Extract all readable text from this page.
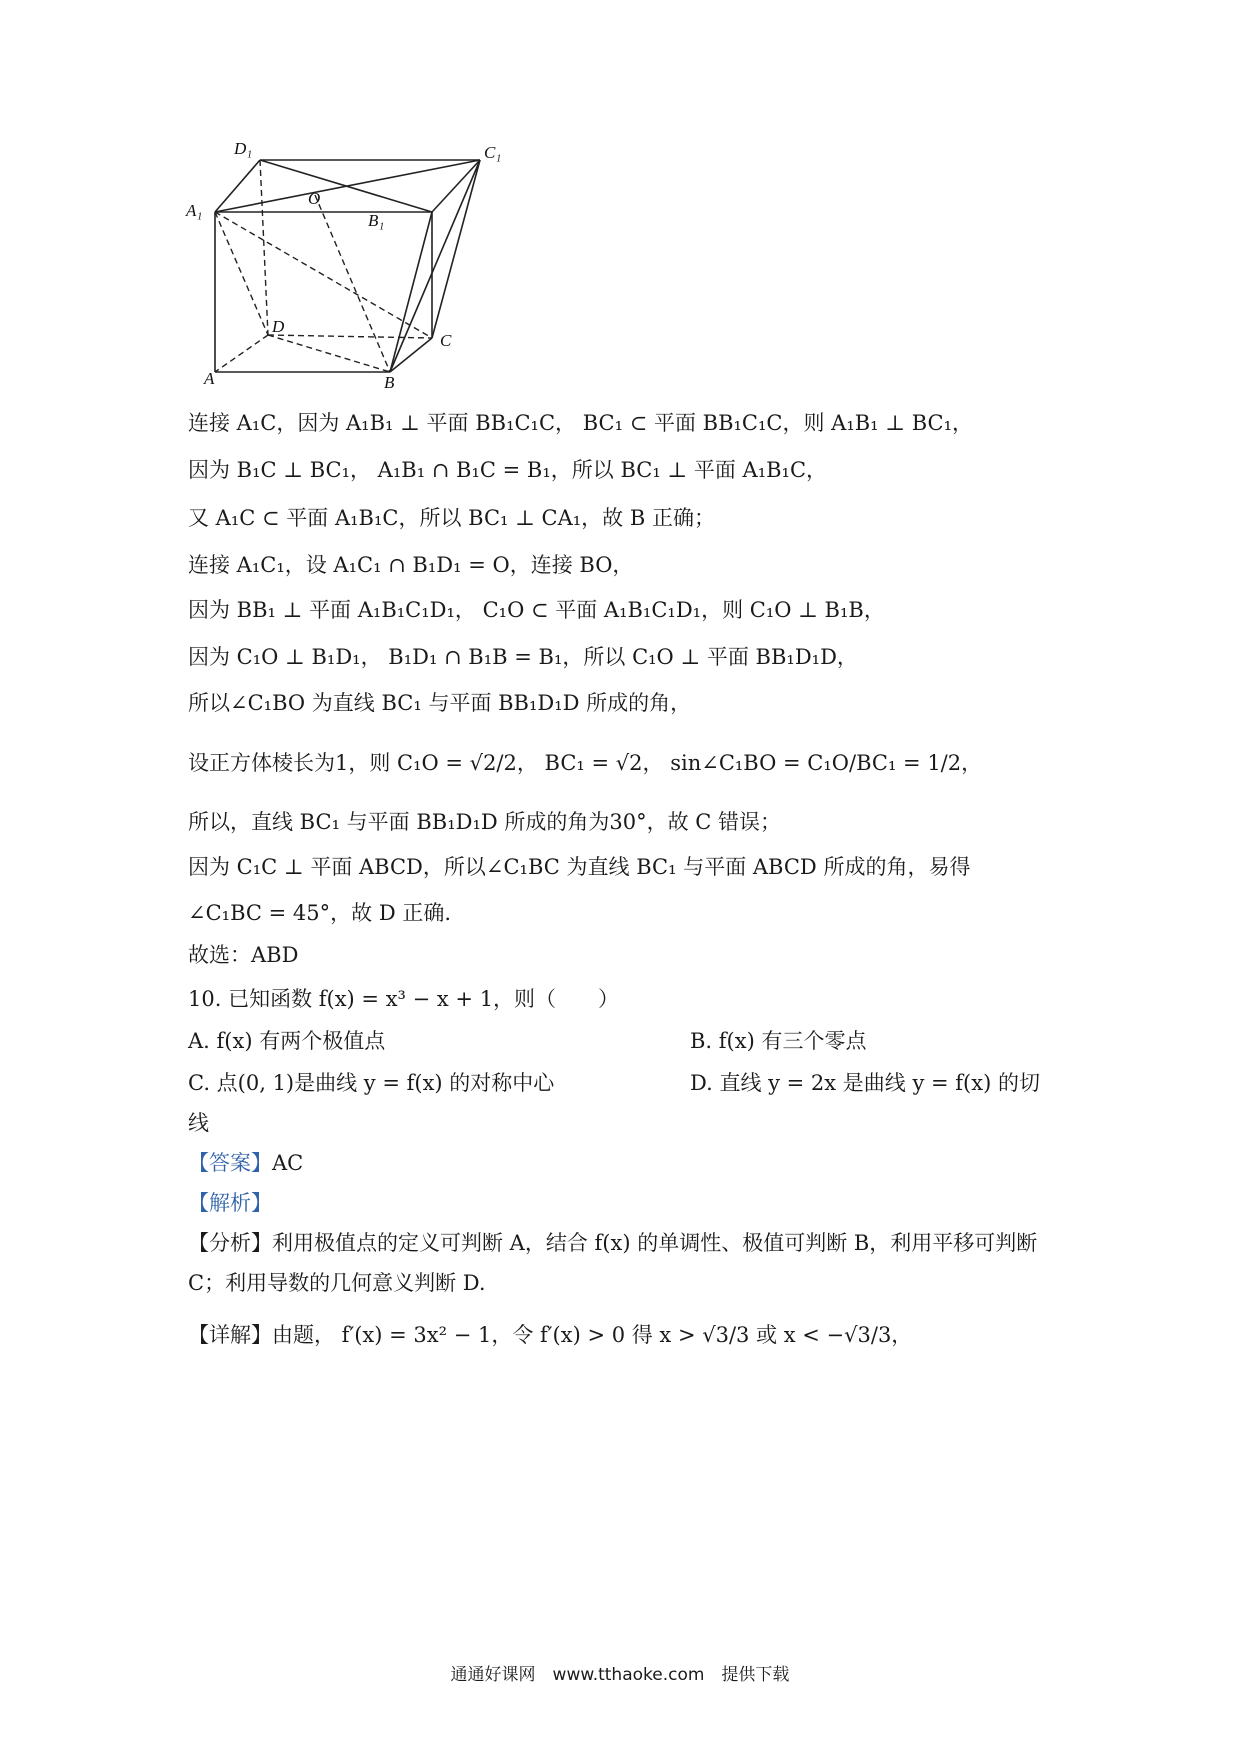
D₁	C₁
A₁
B₁
O
D
C
A	B
连接 A₁C，因为 A₁B₁ ⊥ 平面 BB₁C₁C， BC₁ ⊂ 平面 BB₁C₁C，则 A₁B₁ ⊥ BC₁，
因为 B₁C ⊥ BC₁， A₁B₁ ∩ B₁C = B₁，所以 BC₁ ⊥ 平面 A₁B₁C，
又 A₁C ⊂ 平面 A₁B₁C，所以 BC₁ ⊥ CA₁，故 B 正确；
连接 A₁C₁，设 A₁C₁ ∩ B₁D₁ = O，连接 BO，
因为 BB₁ ⊥ 平面 A₁B₁C₁D₁， C₁O ⊂ 平面 A₁B₁C₁D₁，则 C₁O ⊥ B₁B，
因为 C₁O ⊥ B₁D₁， B₁D₁ ∩ B₁B = B₁，所以 C₁O ⊥ 平面 BB₁D₁D，
所以∠C₁BO 为直线 BC₁ 与平面 BB₁D₁D 所成的角，
设正方体棱长为1，则 C₁O = √2/2， BC₁ = √2， sin∠C₁BO = C₁O/BC₁ = 1/2，
所以，直线 BC₁ 与平面 BB₁D₁D 所成的角为30°，故 C 错误；
因为 C₁C ⊥ 平面 ABCD，所以∠C₁BC 为直线 BC₁ 与平面 ABCD 所成的角，易得
∠C₁BC = 45°，故 D 正确.
故选：ABD
10. 已知函数 f(x) = x³ − x + 1，则（　　）
A. f(x) 有两个极值点	B. f(x) 有三个零点
C. 点(0, 1)是曲线 y = f(x) 的对称中心	D. 直线 y = 2x 是曲线 y = f(x) 的切
线
【答案】AC
【解析】
【分析】利用极值点的定义可判断 A，结合 f(x) 的单调性、极值可判断 B，利用平移可判断
C；利用导数的几何意义判断 D.
【详解】由题， f′(x) = 3x² − 1，令 f′(x) > 0 得 x > √3/3 或 x < −√3/3，
通通好课网　www.tthaoke.com　提供下载
